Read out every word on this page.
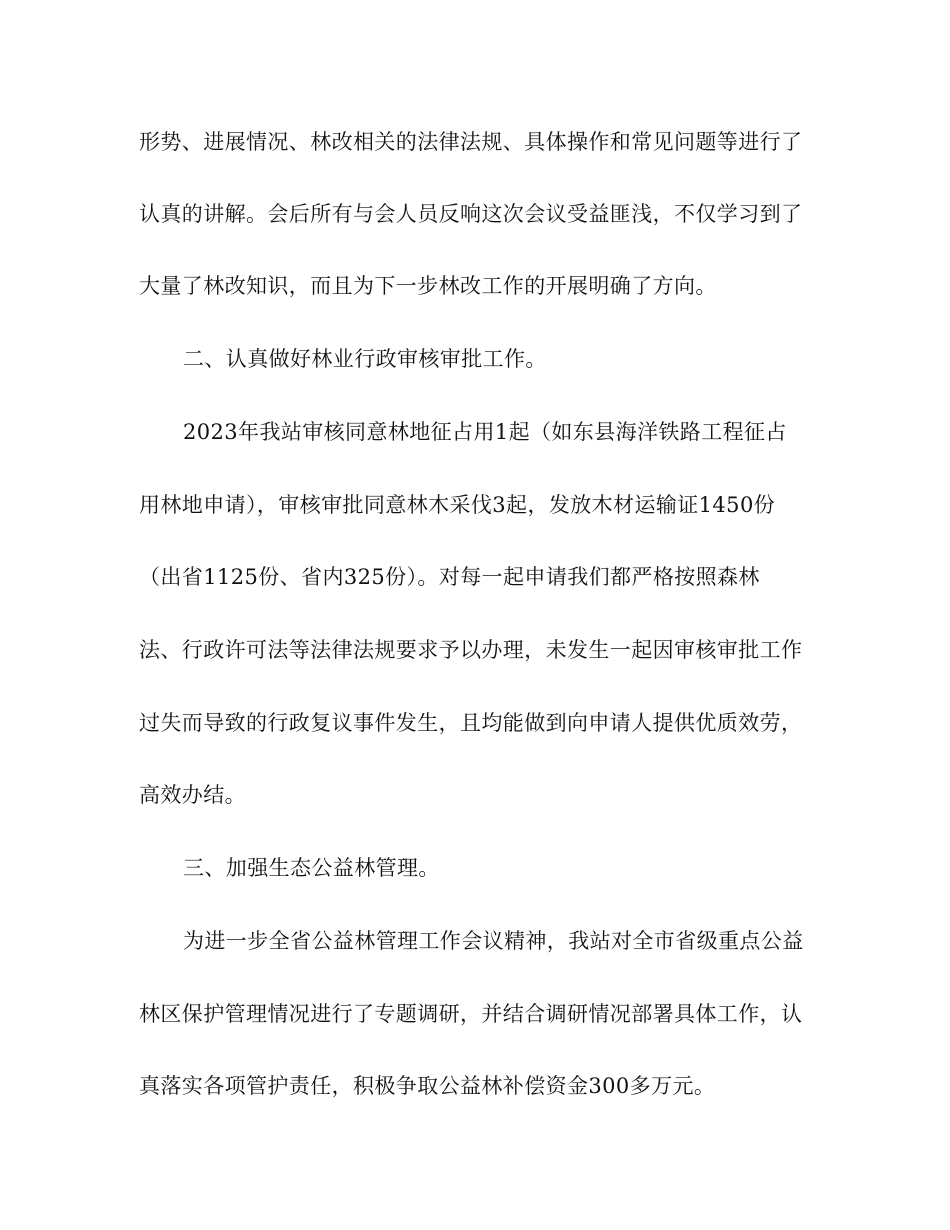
形势、进展情况、林改相关的法律法规、具体操作和常见问题等进行了
认真的讲解。会后所有与会人员反响这次会议受益匪浅，不仅学习到了
大量了林改知识，而且为下一步林改工作的开展明确了方向。
二、认真做好林业行政审核审批工作。
2023年我站审核同意林地征占用1起（如东县海洋铁路工程征占
用林地申请），审核审批同意林木采伐3起，发放木材运输证1450份
（出省1125份、省内325份）。对每一起申请我们都严格按照森林
法、行政许可法等法律法规要求予以办理，未发生一起因审核审批工作
过失而导致的行政复议事件发生，且均能做到向申请人提供优质效劳，
高效办结。
三、加强生态公益林管理。
为进一步全省公益林管理工作会议精神，我站对全市省级重点公益
林区保护管理情况进行了专题调研，并结合调研情况部署具体工作，认
真落实各项管护责任，积极争取公益林补偿资金300多万元。
